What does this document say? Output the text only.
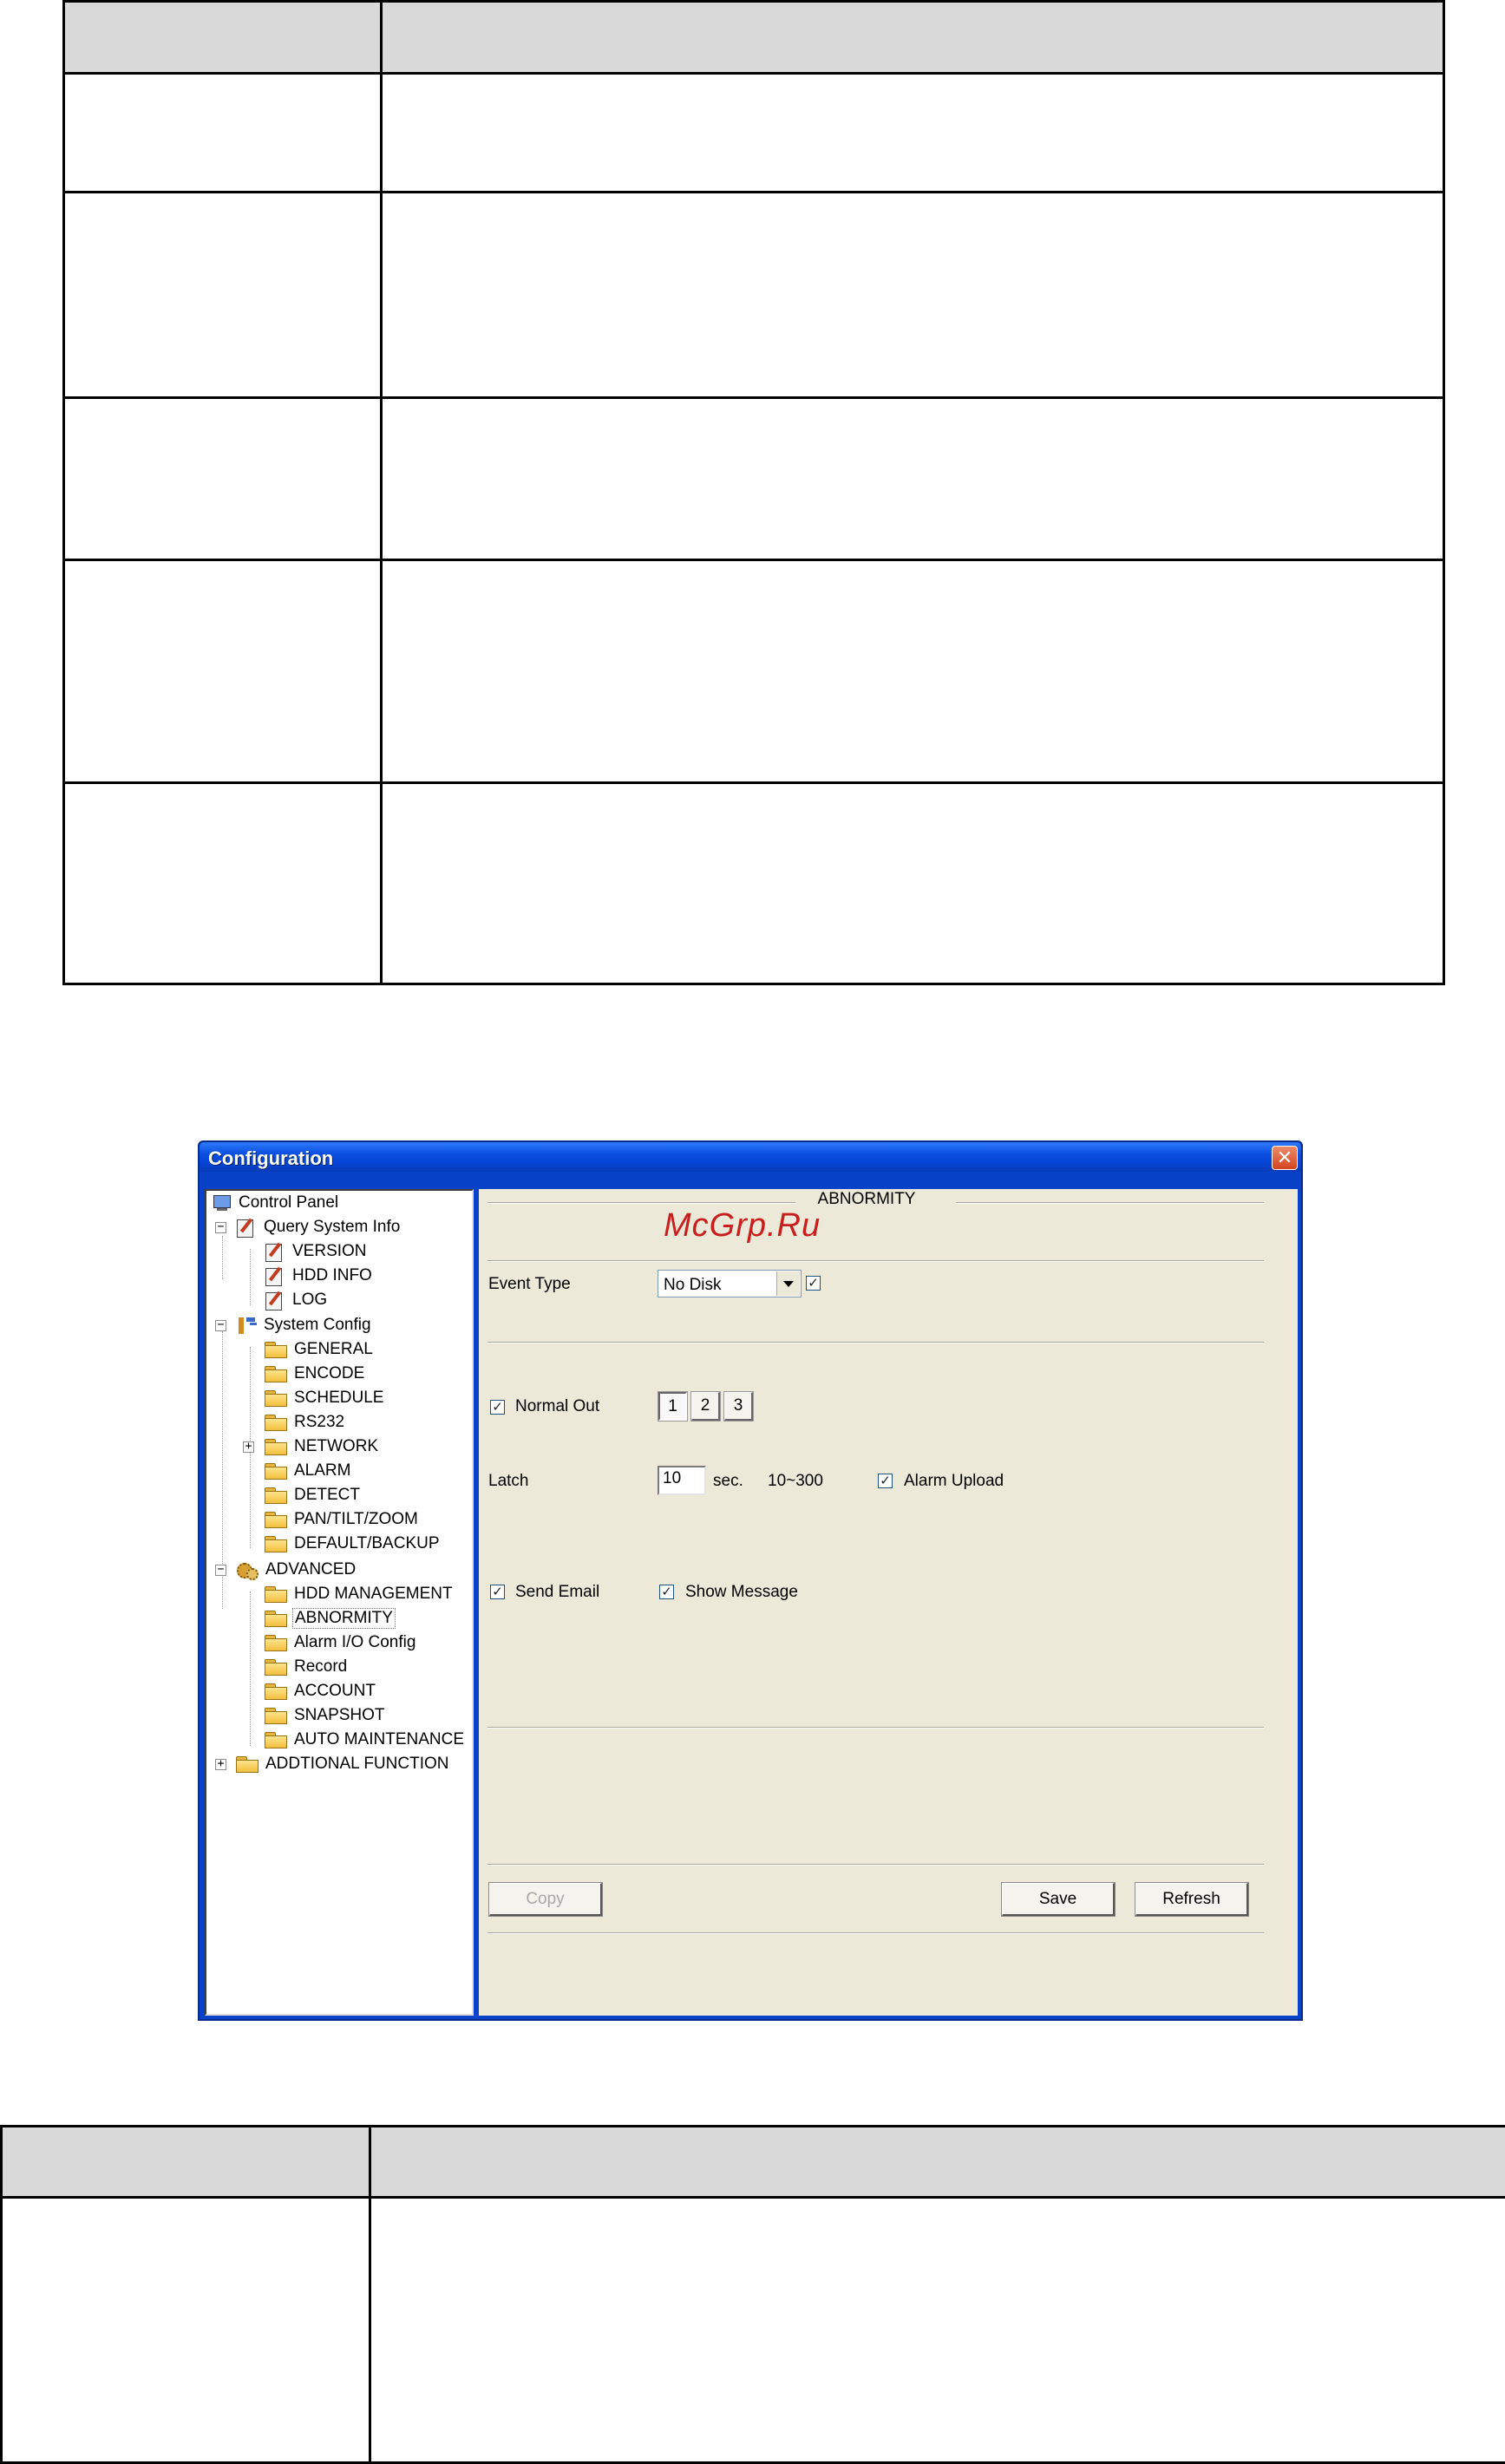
Configuration	✕
Control Panel
− Query System Info
VERSION
HDD INFO
LOG
− System Config
GENERAL
ENCODE
SCHEDULE
RS232
+	NETWORK
ALARM
DETECT
PAN/TILT/ZOOM
DEFAULT/BACKUP
−	ADVANCED
HDD MANAGEMENT
ABNORMITY
Alarm I/O Config
Record
ACCOUNT
SNAPSHOT
AUTO MAINTENANCE
+	ADDTIONAL FUNCTION
ABNORMITY
McGrp.Ru
Event Type	No Disk	✓
✓ Normal Out	1	2	3
Latch	10	sec. 10~300	✓ Alarm Upload
✓ Send Email	✓ Show Message
Copy	Save	Refresh
